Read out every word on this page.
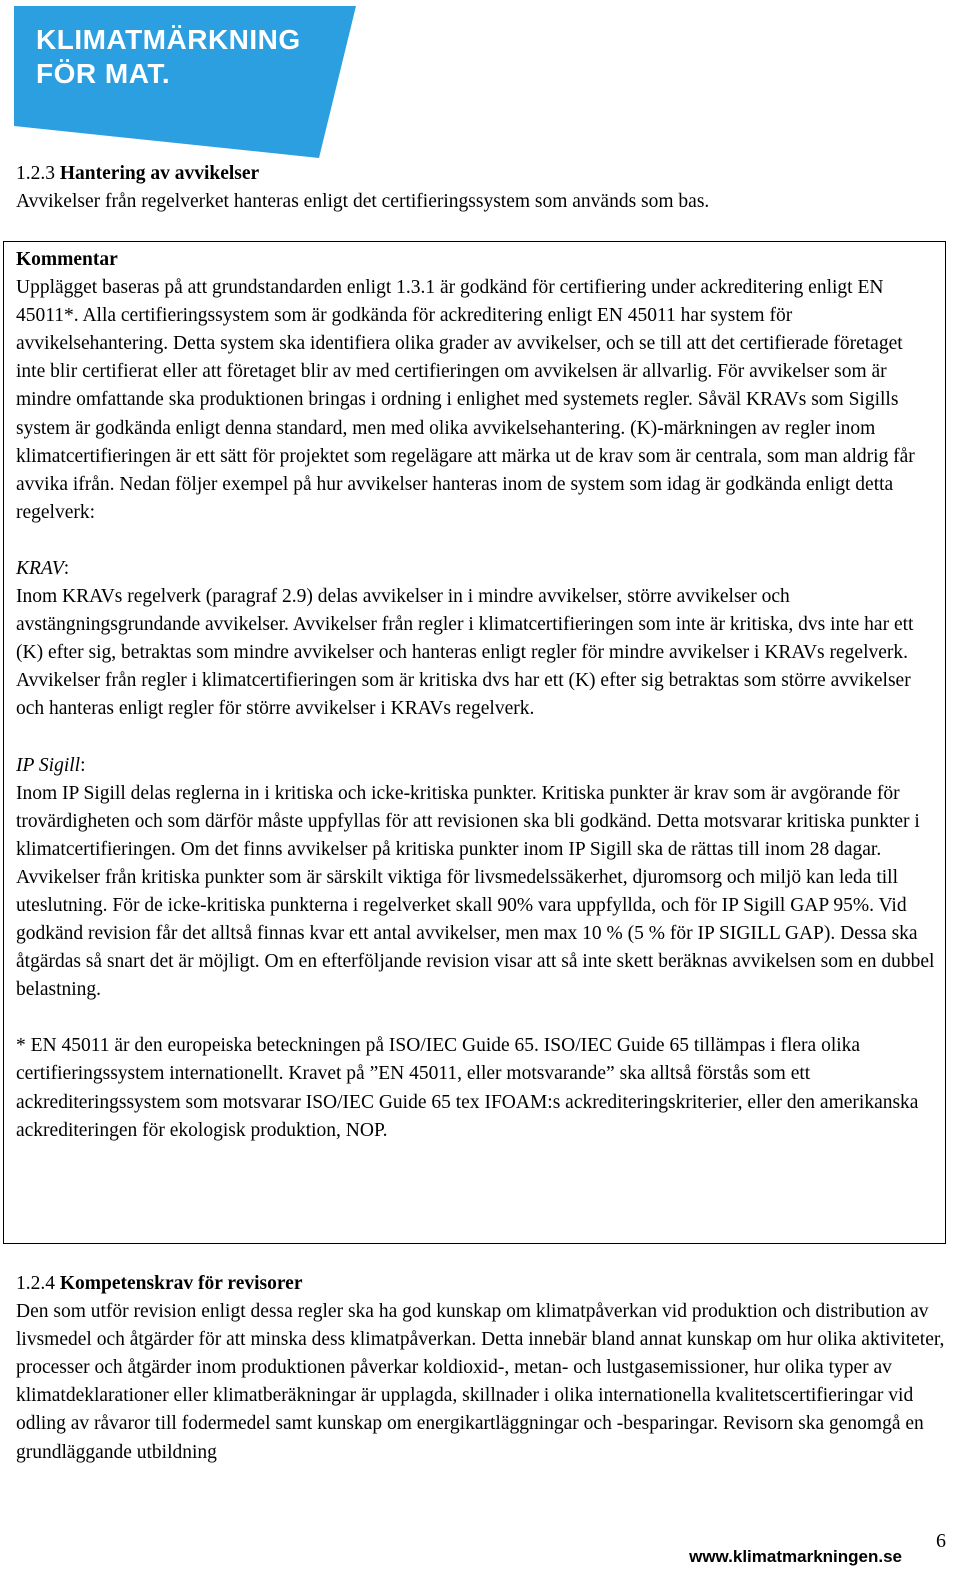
KLIMATMÄRKNING
FÖR MAT.
1.2.3 Hantering av avvikelser
Avvikelser från regelverket hanteras enligt det certifieringssystem som används som bas.

Kommentar

Upplägget baseras på att grundstandarden enligt 1.3.1 är godkänd för certifiering under ackreditering enligt EN 45011*. Alla certifieringssystem som är godkända för ackreditering enligt EN 45011 har system för avvikelsehantering. Detta system ska identifiera olika grader av avvikelser, och se till att det certifierade företaget inte blir certifierat eller att företaget blir av med certifieringen om avvikelsen är allvarlig. För avvikelser som är mindre omfattande ska produktionen bringas i ordning i enlighet med systemets regler. Såväl KRAVs som Sigills system är godkända enligt denna standard, men med olika avvikelsehantering. (K)-märkningen av regler inom klimatcertifieringen är ett sätt för projektet som regelägare att märka ut de krav som är centrala, som man aldrig får avvika ifrån. Nedan följer exempel på hur avvikelser hanteras inom de system som idag är godkända enligt detta regelverk:

KRAV:

Inom KRAVs regelverk (paragraf 2.9) delas avvikelser in i mindre avvikelser, större avvikelser och avstängningsgrundande avvikelser. Avvikelser från regler i klimatcertifieringen som inte är kritiska, dvs inte har ett (K) efter sig, betraktas som mindre avvikelser och hanteras enligt regler för mindre avvikelser i KRAVs regelverk. Avvikelser från regler i klimatcertifieringen som är kritiska dvs har ett (K) efter sig betraktas som större avvikelser och hanteras enligt regler för större avvikelser i KRAVs regelverk.

IP Sigill:

Inom IP Sigill delas reglerna in i kritiska och icke-kritiska punkter. Kritiska punkter är krav som är avgörande för trovärdigheten och som därför måste uppfyllas för att revisionen ska bli godkänd. Detta motsvarar kritiska punkter i klimatcertifieringen. Om det finns avvikelser på kritiska punkter inom IP Sigill ska de rättas till inom 28 dagar. Avvikelser från kritiska punkter som är särskilt viktiga för livsmedelssäkerhet, djuromsorg och miljö kan leda till uteslutning. För de icke-kritiska punkterna i regelverket skall 90% vara uppfyllda, och för IP Sigill GAP 95%. Vid godkänd revision får det alltså finnas kvar ett antal avvikelser, men max 10 % (5 % för IP SIGILL GAP). Dessa ska åtgärdas så snart det är möjligt. Om en efterföljande revision visar att så inte skett beräknas avvikelsen som en dubbel belastning.

* EN 45011 är den europeiska beteckningen på ISO/IEC Guide 65. ISO/IEC Guide 65 tillämpas i flera olika certifieringssystem internationellt. Kravet på ”EN 45011, eller motsvarande” ska alltså förstås som ett ackrediteringssystem som motsvarar ISO/IEC Guide 65 tex IFOAM:s ackrediteringskriterier, eller den amerikanska ackrediteringen för ekologisk produktion, NOP.

1.2.4 Kompetenskrav för revisorer
Den som utför revision enligt dessa regler ska ha god kunskap om klimatpåverkan vid produktion och distribution av livsmedel och åtgärder för att minska dess klimatpåverkan. Detta innebär bland annat kunskap om hur olika aktiviteter, processer och åtgärder inom produktionen påverkar koldioxid-, metan- och lustgasemissioner, hur olika typer av klimatdeklarationer eller klimatberäkningar är upplagda, skillnader i olika internationella kvalitetscertifieringar vid odling av råvaror till fodermedel samt kunskap om energikartläggningar och -besparingar. Revisorn ska genomgå en grundläggande utbildning
www.klimatmarkningen.se
6
